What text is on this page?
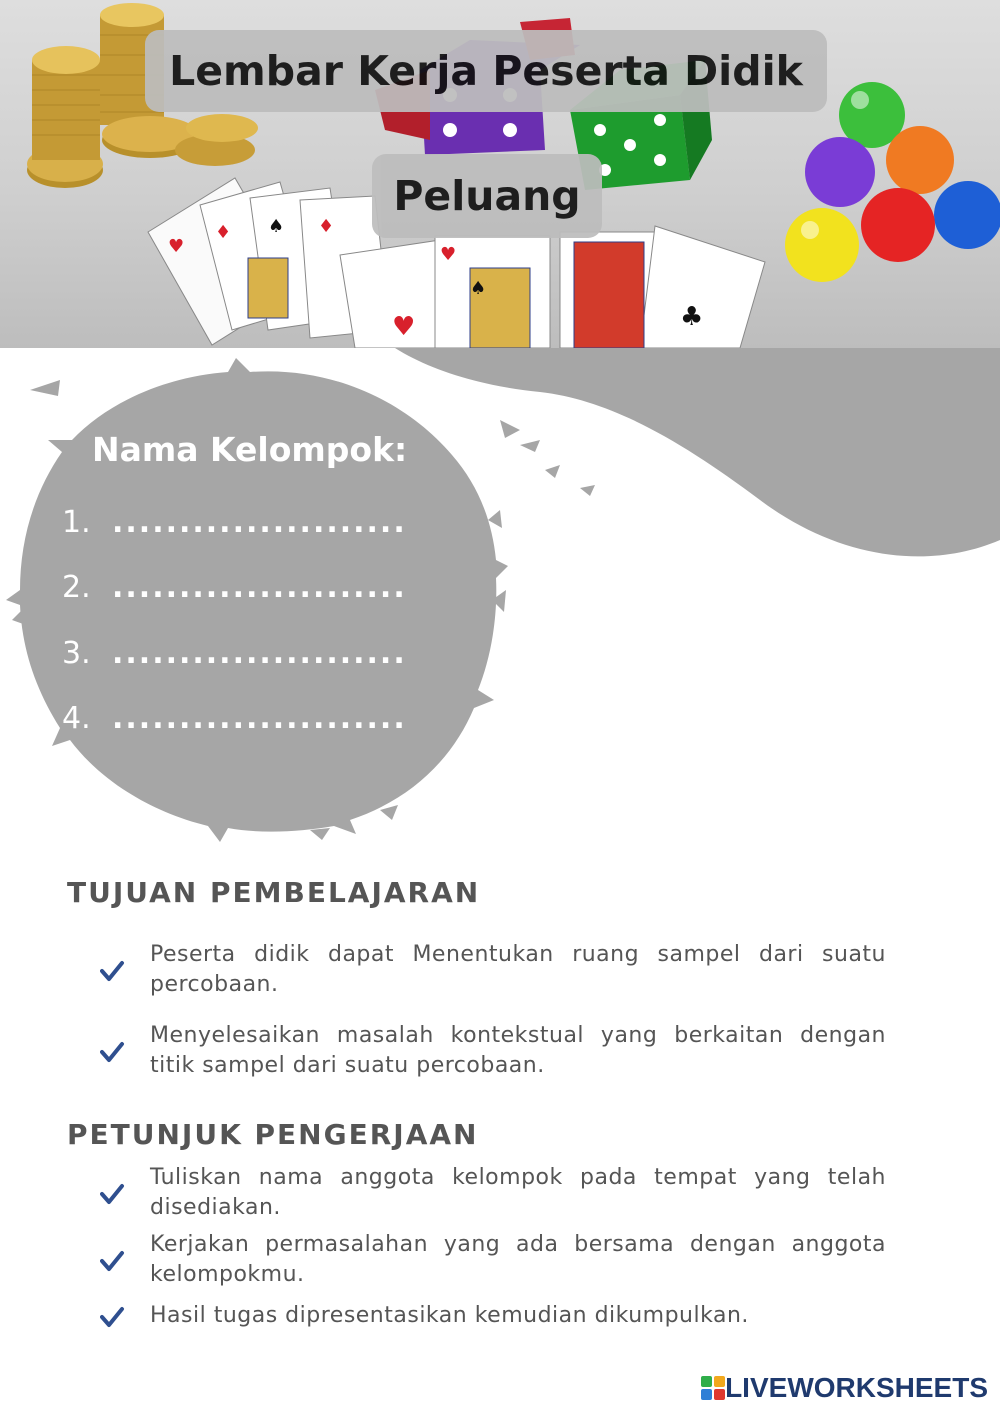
♥	♣
♥
♦ ♠ ♦
♠
♥
Lembar Kerja Peserta Didik
Peluang
Nama Kelompok:
1. ......................
2. ......................
3. ......................
4. ......................
TUJUAN PEMBELAJARAN
Peserta didik dapat Menentukan ruang sampel dari suatu percobaan.
Menyelesaikan masalah kontekstual yang berkaitan dengan titik sampel dari suatu percobaan.
PETUNJUK PENGERJAAN
Tuliskan nama anggota kelompok pada tempat yang telah disediakan.
Kerjakan permasalahan yang ada bersama dengan anggota kelompokmu.
Hasil tugas dipresentasikan kemudian dikumpulkan.
LIVEWORKSHEETS
